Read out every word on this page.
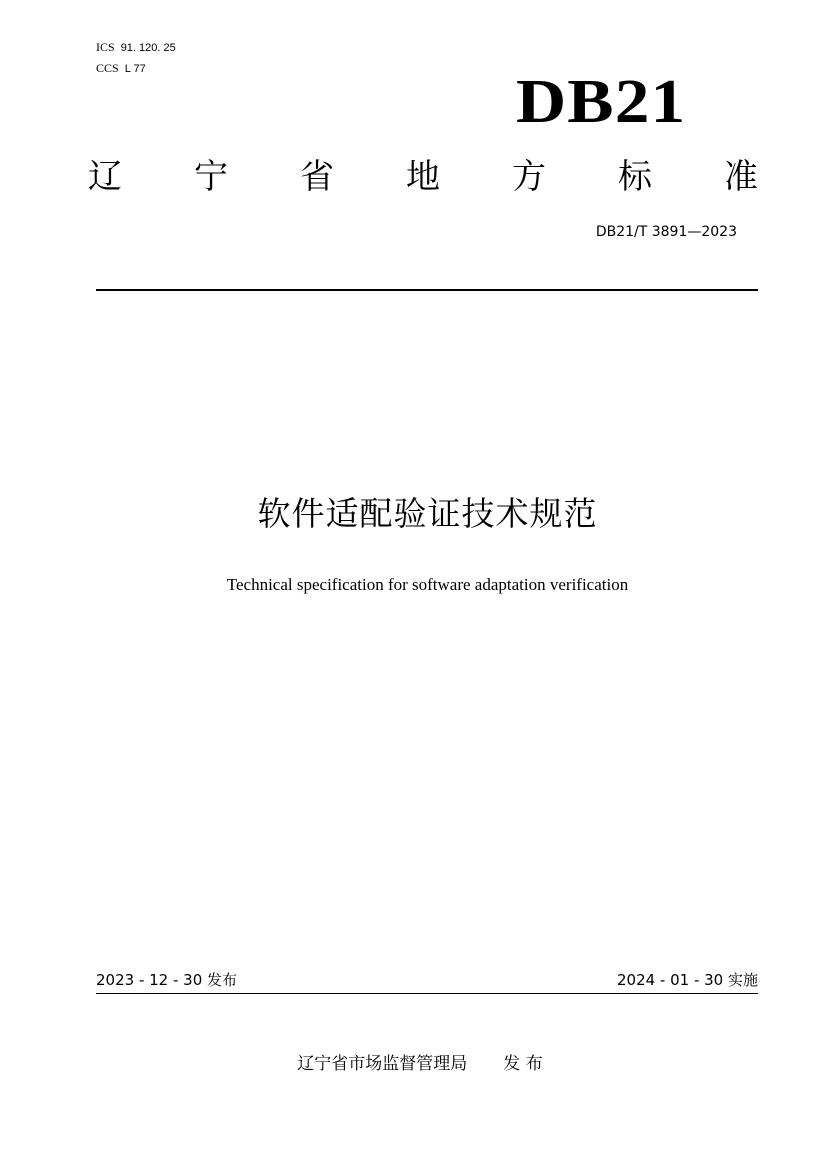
ICS 91. 120. 25
CCS L 77	DB21
辽 宁 省 地 方 标 准
DB21/T 3891—2023
软件适配验证技术规范
Technical specification for software adaptation verification
2023 - 12 - 30 发布	2024 - 01 - 30 实施
辽宁省市场监督管理局 发 布
